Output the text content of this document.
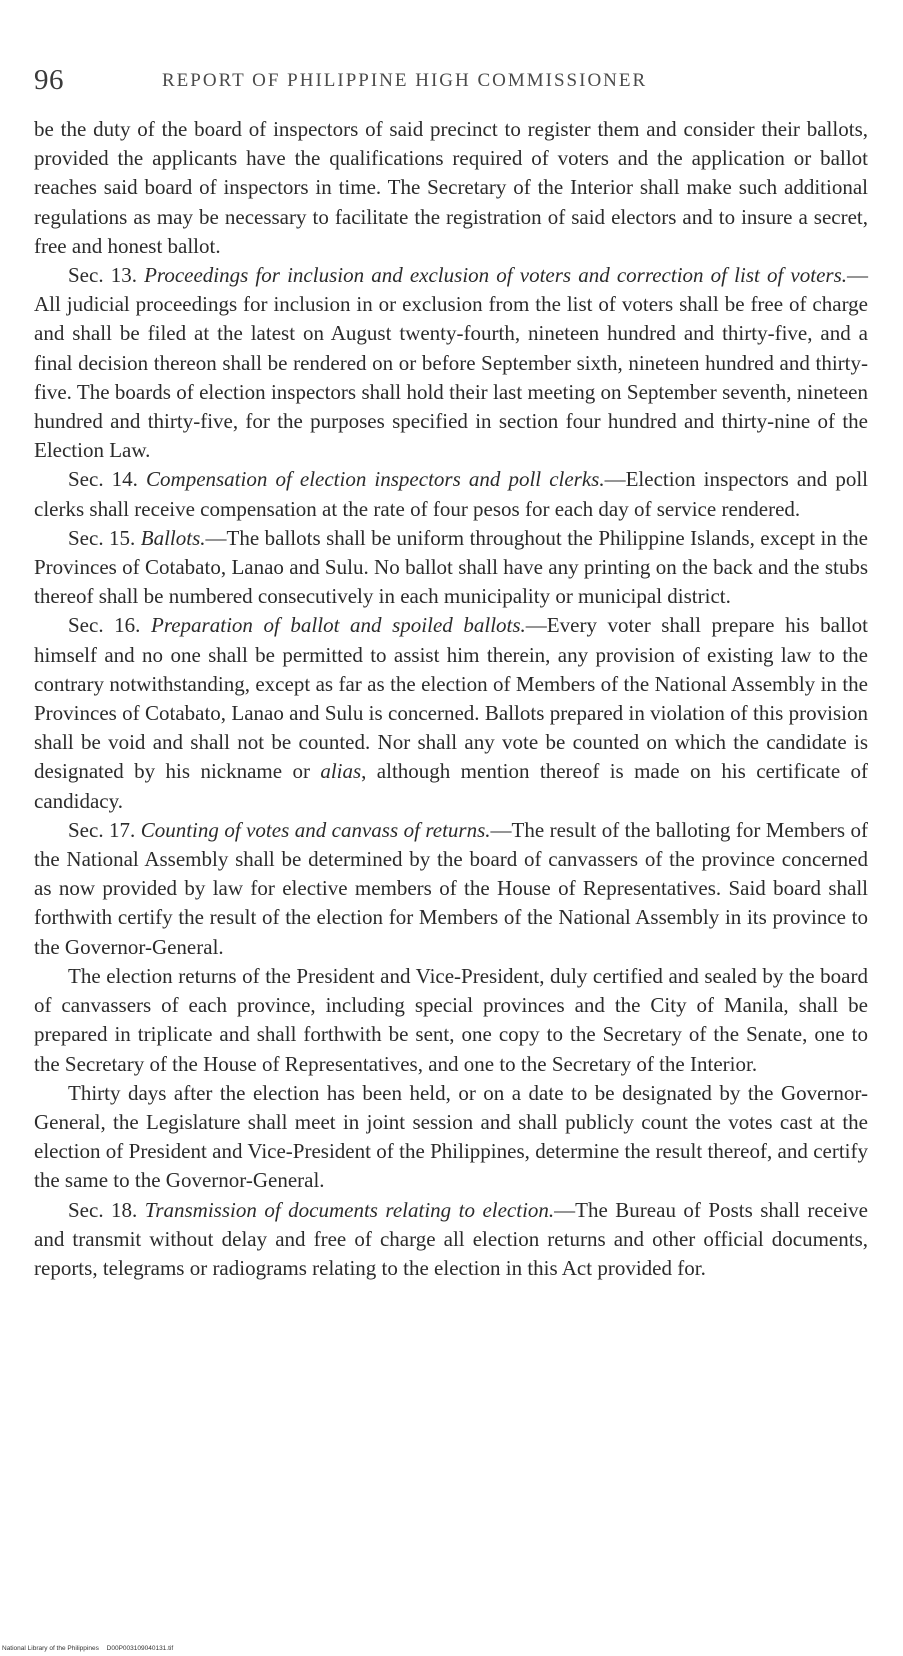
96	REPORT OF PHILIPPINE HIGH COMMISSIONER

be the duty of the board of inspectors of said precinct to register them and consider their ballots, provided the applicants have the qualifications required of voters and the application or ballot reaches said board of inspectors in time. The Secretary of the Interior shall make such additional regulations as may be necessary to facilitate the registration of said electors and to insure a secret, free and honest ballot.

Sec. 13. Proceedings for inclusion and exclusion of voters and correction of list of voters.—All judicial proceedings for inclusion in or exclusion from the list of voters shall be free of charge and shall be filed at the latest on August twenty-fourth, nineteen hundred and thirty-five, and a final decision thereon shall be rendered on or before September sixth, nineteen hundred and thirty-five. The boards of election inspectors shall hold their last meeting on September seventh, nineteen hundred and thirty-five, for the purposes specified in section four hundred and thirty-nine of the Election Law.

Sec. 14. Compensation of election inspectors and poll clerks.—Election inspectors and poll clerks shall receive compensation at the rate of four pesos for each day of service rendered.

Sec. 15. Ballots.—The ballots shall be uniform throughout the Philippine Islands, except in the Provinces of Cotabato, Lanao and Sulu. No ballot shall have any printing on the back and the stubs thereof shall be numbered consecutively in each municipality or municipal district.

Sec. 16. Preparation of ballot and spoiled ballots.—Every voter shall prepare his ballot himself and no one shall be permitted to assist him therein, any provision of existing law to the contrary notwithstanding, except as far as the election of Members of the National Assembly in the Provinces of Cotabato, Lanao and Sulu is concerned. Ballots prepared in violation of this provision shall be void and shall not be counted. Nor shall any vote be counted on which the candidate is designated by his nickname or alias, although mention thereof is made on his certificate of candidacy.

Sec. 17. Counting of votes and canvass of returns.—The result of the balloting for Members of the National Assembly shall be determined by the board of canvassers of the province concerned as now provided by law for elective members of the House of Representatives. Said board shall forthwith certify the result of the election for Members of the National Assembly in its province to the Governor-General.

The election returns of the President and Vice-President, duly certified and sealed by the board of canvassers of each province, including special provinces and the City of Manila, shall be prepared in triplicate and shall forthwith be sent, one copy to the Secretary of the Senate, one to the Secretary of the House of Representatives, and one to the Secretary of the Interior.

Thirty days after the election has been held, or on a date to be designated by the Governor-General, the Legislature shall meet in joint session and shall publicly count the votes cast at the election of President and Vice-President of the Philippines, determine the result thereof, and certify the same to the Governor-General.

Sec. 18. Transmission of documents relating to election.—The Bureau of Posts shall receive and transmit without delay and free of charge all election returns and other official documents, reports, telegrams or radiograms relating to the election in this Act provided for.

National Library of the Philippines D00P003109040131.tif
